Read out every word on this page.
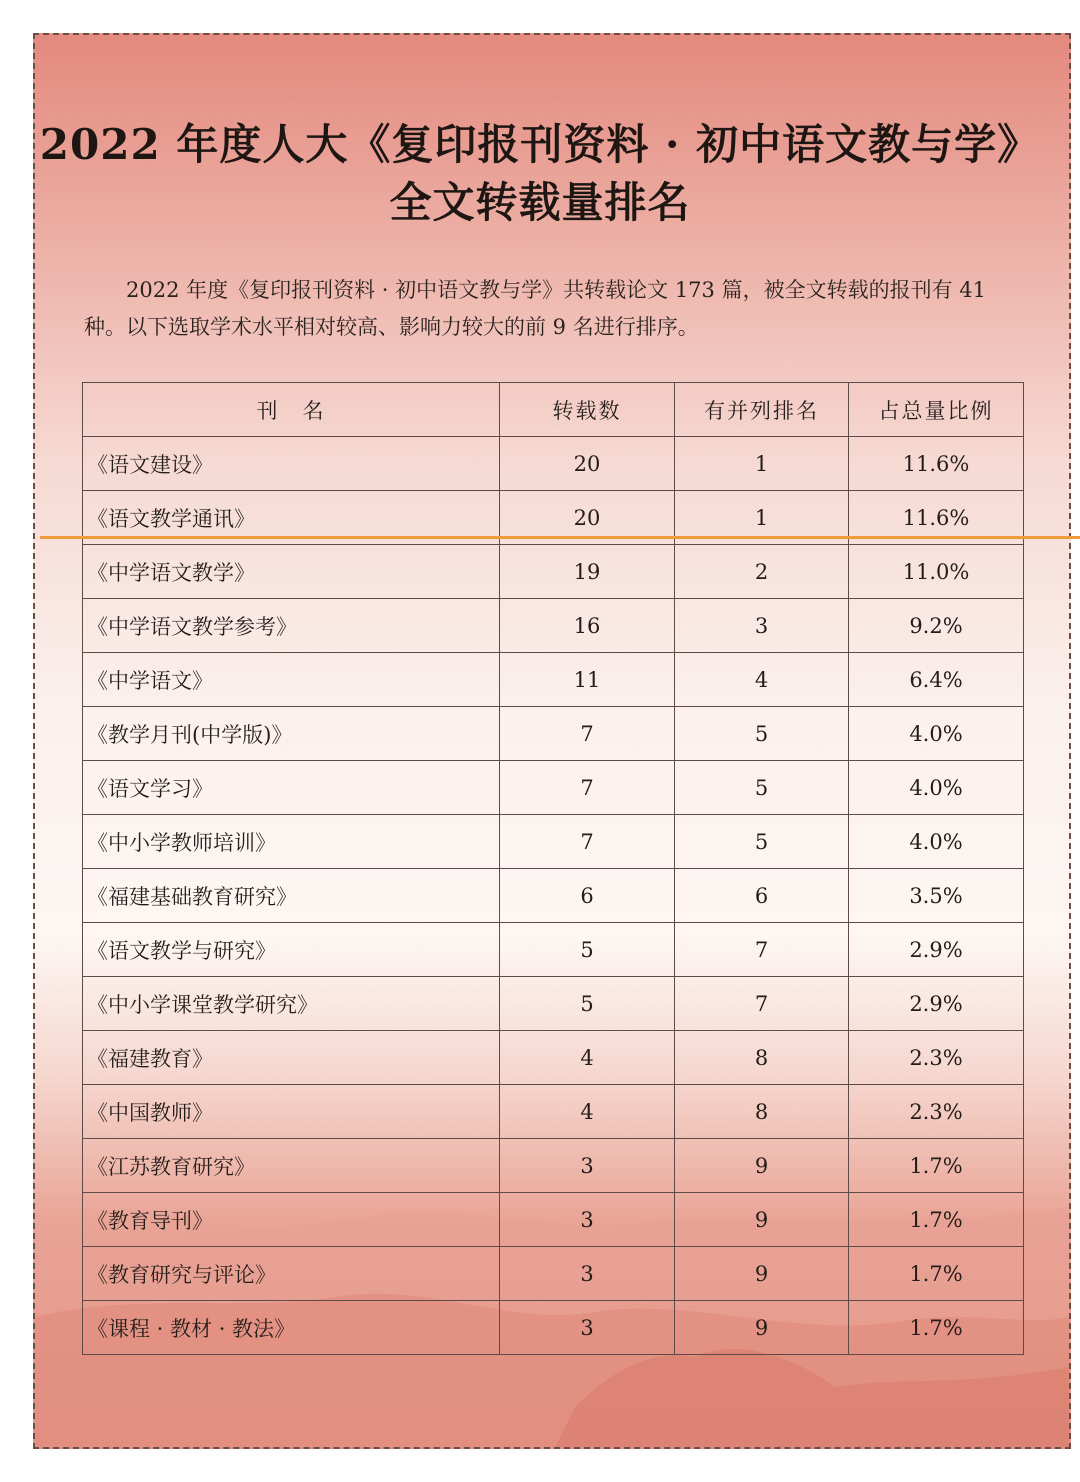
2022 年度人大《复印报刊资料 · 初中语文教与学》
全文转载量排名

2022 年度《复印报刊资料 · 初中语文教与学》共转载论文 173 篇，被全文转载的报刊有 41 种。以下选取学术水平相对较高、影响力较大的前 9 名进行排序。

刊　名	转载数	有并列排名	占总量比例
《语文建设》	20	1	11.6%
《语文教学通讯》	20	1	11.6%
《中学语文教学》	19	2	11.0%
《中学语文教学参考》	16	3	9.2%
《中学语文》	11	4	6.4%
《教学月刊(中学版)》	7	5	4.0%
《语文学习》	7	5	4.0%
《中小学教师培训》	7	5	4.0%
《福建基础教育研究》	6	6	3.5%
《语文教学与研究》	5	7	2.9%
《中小学课堂教学研究》	5	7	2.9%
《福建教育》	4	8	2.3%
《中国教师》	4	8	2.3%
《江苏教育研究》	3	9	1.7%
《教育导刊》	3	9	1.7%
《教育研究与评论》	3	9	1.7%
《课程 · 教材 · 教法》	3	9	1.7%
